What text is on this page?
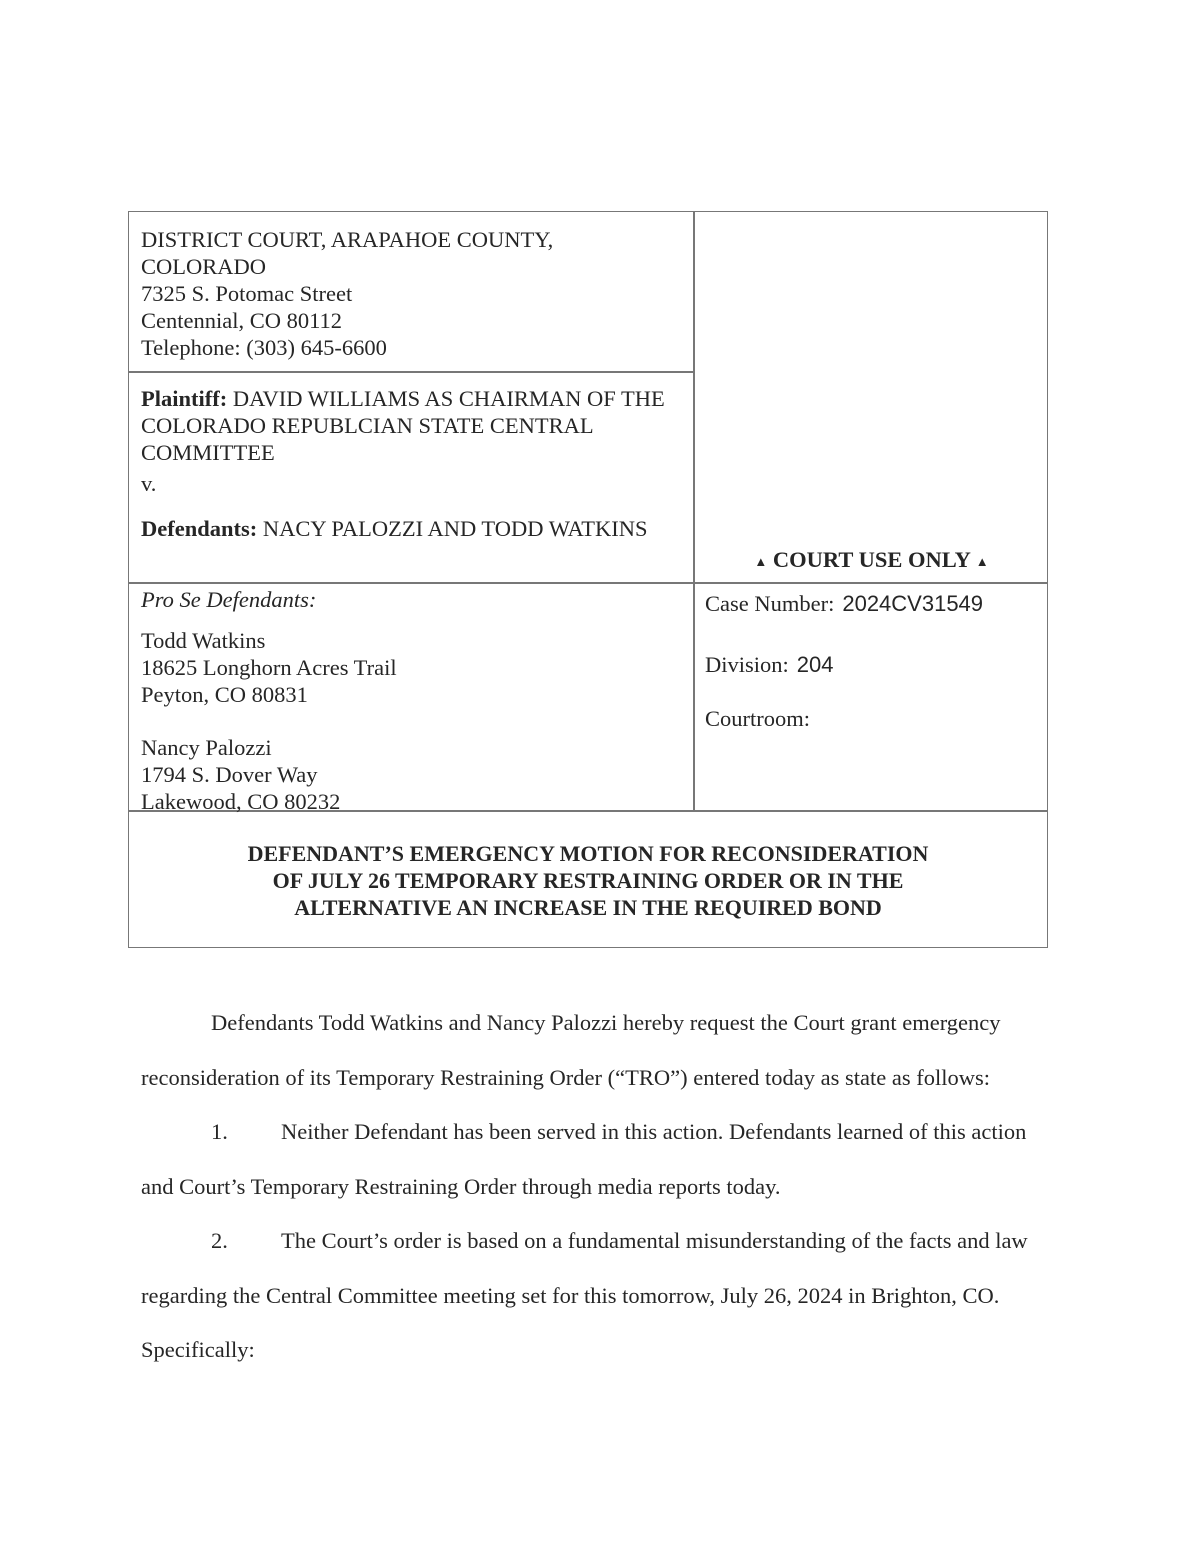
DISTRICT COURT, ARAPAHOE COUNTY,
COLORADO
7325 S. Potomac Street
Centennial, CO 80112
Telephone: (303) 645-6600
Plaintiff: DAVID WILLIAMS AS CHAIRMAN OF THE COLORADO REPUBLCIAN STATE CENTRAL COMMITTEE
v.
Defendants: NACY PALOZZI AND TODD WATKINS
▲ COURT USE ONLY ▲
Pro Se Defendants:
Todd Watkins
18625 Longhorn Acres Trail
Peyton, CO 80831
Nancy Palozzi
1794 S. Dover Way
Lakewood, CO 80232
Case Number: 2024CV31549
Division: 204
Courtroom:
DEFENDANT’S EMERGENCY MOTION FOR RECONSIDERATION
OF JULY 26 TEMPORARY RESTRAINING ORDER OR IN THE
ALTERNATIVE AN INCREASE IN THE REQUIRED BOND

Defendants Todd Watkins and Nancy Palozzi hereby request the Court grant emergency reconsideration of its Temporary Restraining Order (“TRO”) entered today as state as follows:

1. Neither Defendant has been served in this action. Defendants learned of this action and Court’s Temporary Restraining Order through media reports today.

2. The Court’s order is based on a fundamental misunderstanding of the facts and law regarding the Central Committee meeting set for this tomorrow, July 26, 2024 in Brighton, CO. Specifically:
